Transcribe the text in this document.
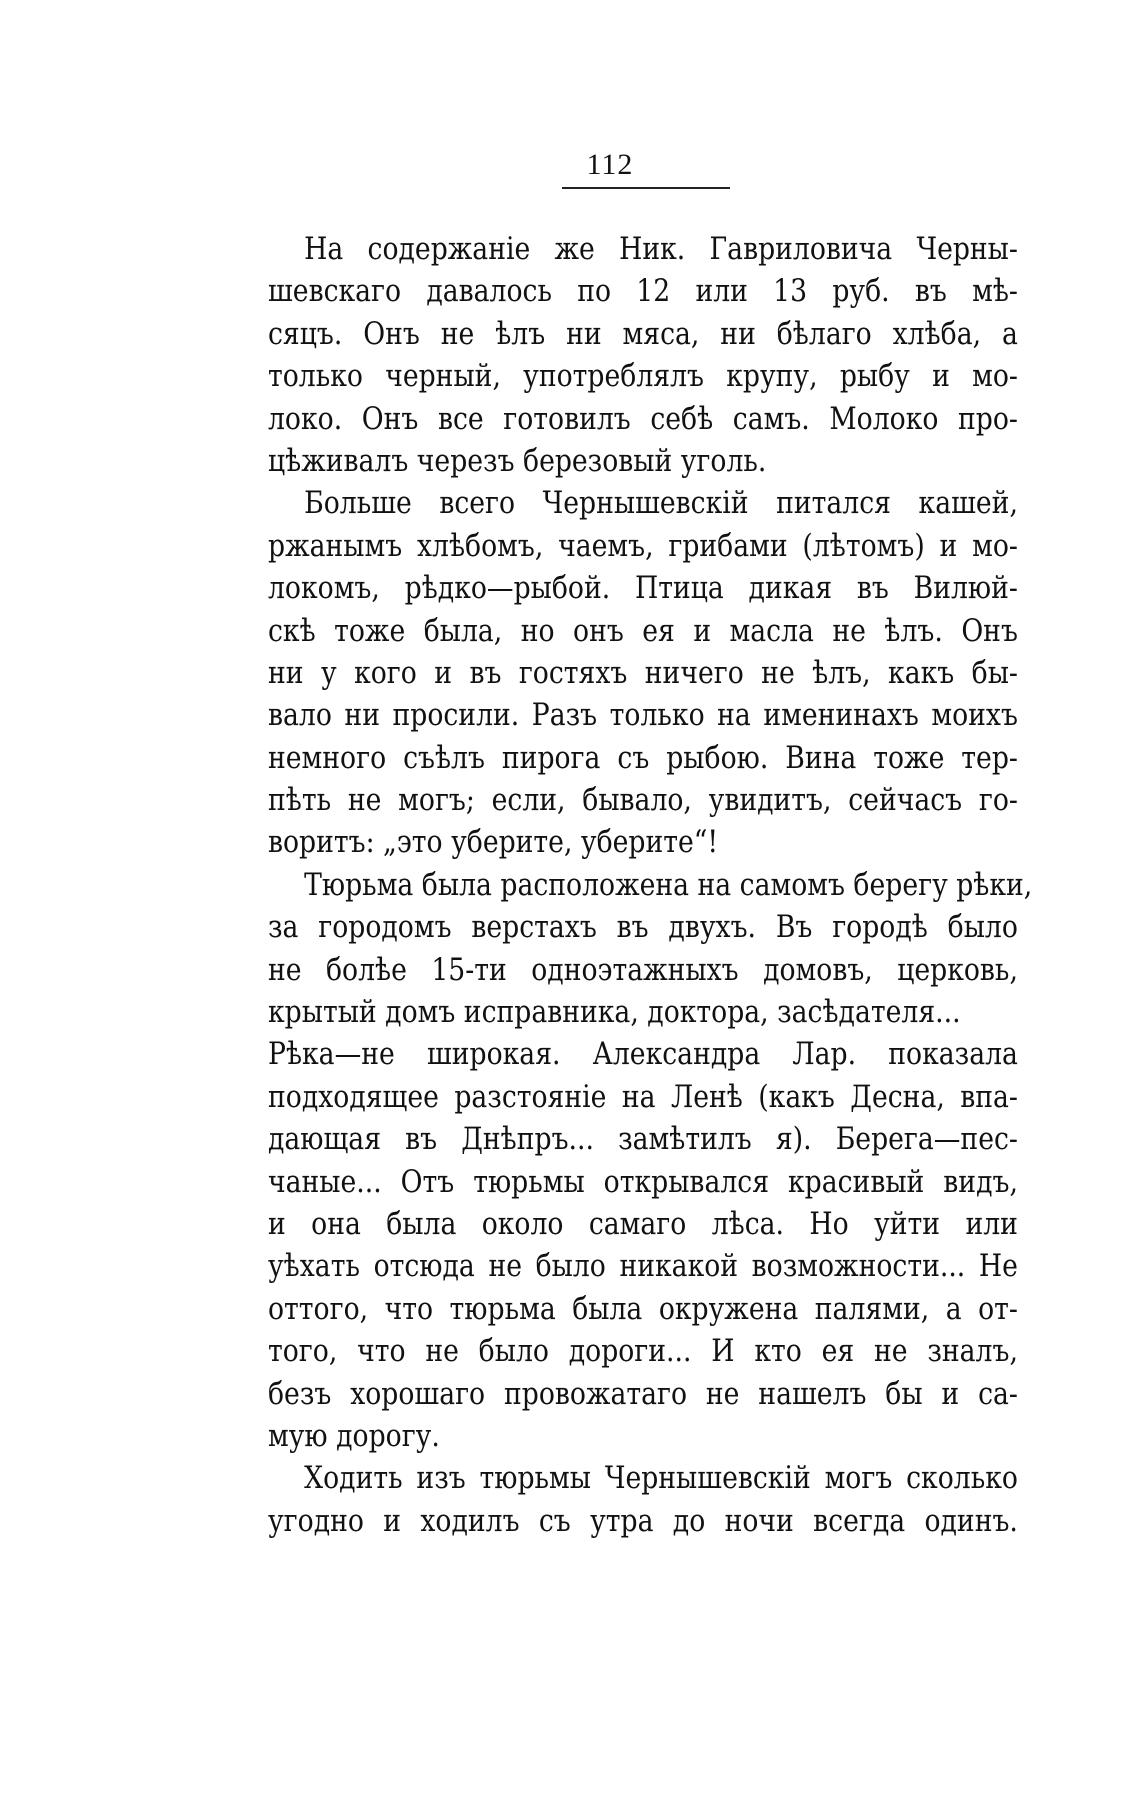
112
На содержаніе же Ник. Гавриловича Черны-
шевскаго давалось по 12 или 13 руб. въ мѣ-
сяцъ. Онъ не ѣлъ ни мяса, ни бѣлаго хлѣба, а
только черный, употреблялъ крупу, рыбу и мо-
локо. Онъ все готовилъ себѣ самъ. Молоко про-
цѣживалъ черезъ березовый уголь.
Больше всего Чернышевскій питался кашей,
ржанымъ хлѣбомъ, чаемъ, грибами (лѣтомъ) и мо-
локомъ, рѣдко—рыбой. Птица дикая въ Вилюй-
скѣ тоже была, но онъ ея и масла не ѣлъ. Онъ
ни у кого и въ гостяхъ ничего не ѣлъ, какъ бы-
вало ни просили. Разъ только на именинахъ моихъ
немного съѣлъ пирога съ рыбою. Вина тоже тер-
пѣть не могъ; если, бывало, увидитъ, сейчасъ го-
воритъ: „это уберите, уберите“!
Тюрьма была расположена на самомъ берегу рѣки,
за городомъ верстахъ въ двухъ. Въ городѣ было
не болѣе 15-ти одноэтажныхъ домовъ, церковь,
крытый домъ исправника, доктора, засѣдателя...
Рѣка—не широкая. Александра Лар. показала
подходящее разстояніе на Ленѣ (какъ Десна, впа-
дающая въ Днѣпръ... замѣтилъ я). Берега—пес-
чаные... Отъ тюрьмы открывался красивый видъ,
и она была около самаго лѣса. Но уйти или
уѣхать отсюда не было никакой возможности... Не
оттого, что тюрьма была окружена палями, а от-
того, что не было дороги... И кто ея не зналъ,
безъ хорошаго провожатаго не нашелъ бы и са-
мую дорогу.
Ходить изъ тюрьмы Чернышевскій могъ сколько
угодно и ходилъ съ утра до ночи всегда одинъ.
